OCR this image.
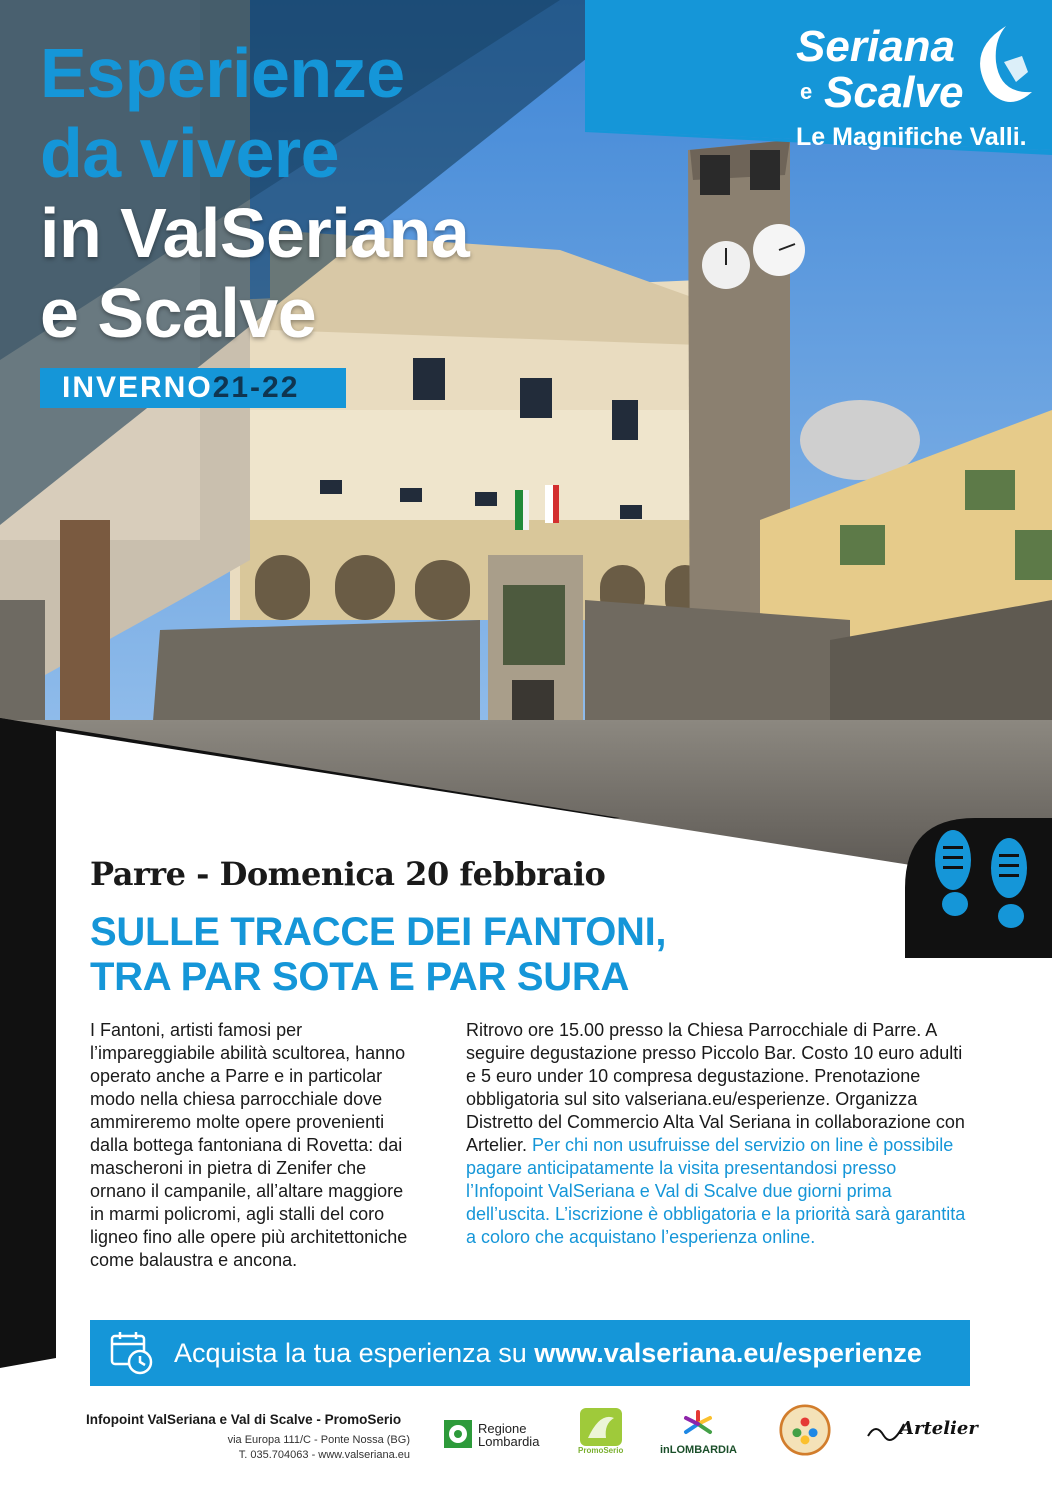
Esperienze
da vivere
in ValSeriana
e Scalve
INVERNO21-22
Seriana
e Scalve
Le Magnifiche Valli.
Parre - Domenica 20 febbraio
SULLE TRACCE DEI FANTONI,
TRA PAR SOTA E PAR SURA
I Fantoni, artisti famosi per l’impareggiabile abilità scultorea, hanno operato anche a Parre e in particolar modo nella chiesa parrocchiale dove ammireremo molte opere provenienti dalla bottega fantoniana di Rovetta: dai mascheroni in pietra di Zenifer che ornano il campanile, all’altare maggiore in marmi policromi, agli stalli del coro ligneo fino alle opere più architettoniche come balaustra e ancona.
Ritrovo ore 15.00 presso la Chiesa Parrocchiale di Parre. A seguire degustazione presso Piccolo Bar. Costo 10 euro adulti e 5 euro under 10 compresa degustazione. Prenotazione obbligatoria sul sito valseriana.eu/esperienze. Organizza Distretto del Commercio Alta Val Seriana in collaborazione con Artelier. Per chi non usufruisse del servizio on line è possibile pagare anticipatamente la visita presentandosi presso l’Infopoint ValSeriana e Val di Scalve due giorni prima dell’uscita. L’iscrizione è obbligatoria e la priorità sarà garantita a coloro che acquistano l’esperienza online.
Acquista la tua esperienza su www.valseriana.eu/esperienze
Infopoint ValSeriana e Val di Scalve - PromoSerio
via Europa 111/C - Ponte Nossa (BG)
T. 035.704063 - www.valseriana.eu
Regione
Lombardia
PromoSerio	inLOMBARDIA
Artelier
